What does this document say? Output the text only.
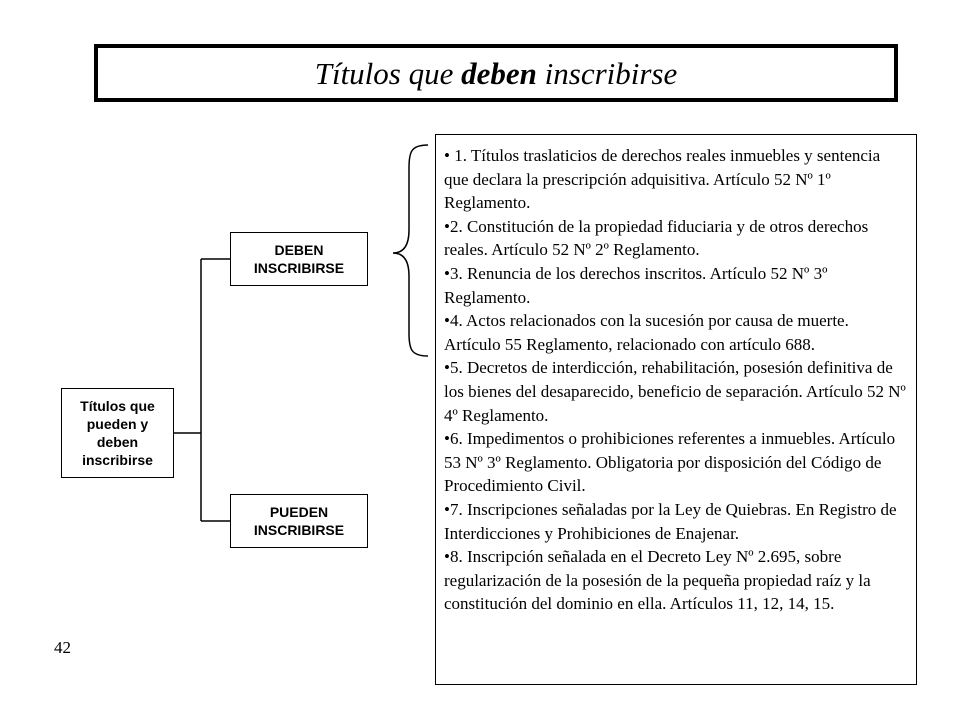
Títulos que deben inscribirse
Títulos que
pueden y
deben
inscribirse
DEBEN
INSCRIBIRSE
PUEDEN
INSCRIBIRSE

• 1. Títulos traslaticios de derechos reales inmuebles y sentencia que declara la prescripción adquisitiva. Artículo 52 Nº 1º Reglamento.

•2. Constitución de la propiedad fiduciaria y de otros derechos reales. Artículo 52 Nº 2º Reglamento.

•3. Renuncia de los derechos inscritos. Artículo 52 Nº 3º Reglamento.

•4. Actos relacionados con la sucesión por causa de muerte. Artículo 55 Reglamento, relacionado con artículo 688.

•5. Decretos de interdicción, rehabilitación, posesión definitiva de los bienes del desaparecido, beneficio de separación. Artículo 52 Nº 4º Reglamento.

•6. Impedimentos o prohibiciones referentes a inmuebles. Artículo 53 Nº 3º Reglamento. Obligatoria por disposición del Código de Procedimiento Civil.

•7. Inscripciones señaladas por la Ley de Quiebras. En Registro de Interdicciones y Prohibiciones de Enajenar.

•8. Inscripción señalada en el Decreto Ley Nº 2.695, sobre regularización de la posesión de la pequeña propiedad raíz y la constitución del dominio en ella. Artículos 11, 12, 14, 15.

42
